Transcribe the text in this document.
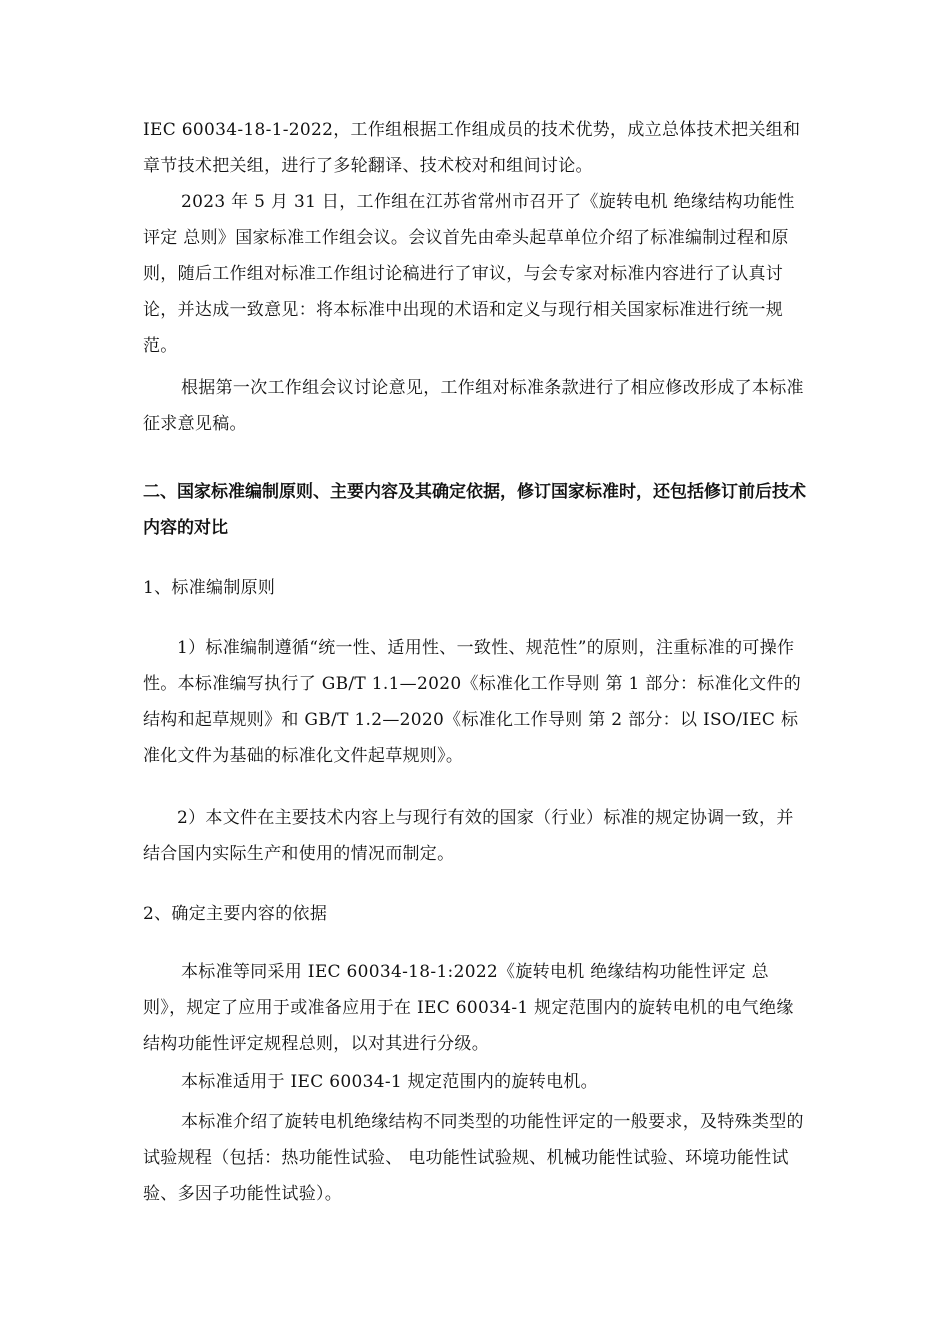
IEC 60034-18-1-2022，工作组根据工作组成员的技术优势，成立总体技术把关组和章节技术把关组，进行了多轮翻译、技术校对和组间讨论。

2023 年 5 月 31 日，工作组在江苏省常州市召开了《旋转电机 绝缘结构功能性评定 总则》国家标准工作组会议。会议首先由牵头起草单位介绍了标准编制过程和原则，随后工作组对标准工作组讨论稿进行了审议，与会专家对标准内容进行了认真讨论，并达成一致意见：将本标准中出现的术语和定义与现行相关国家标准进行统一规范。

根据第一次工作组会议讨论意见，工作组对标准条款进行了相应修改形成了本标准征求意见稿。

二、国家标准编制原则、主要内容及其确定依据，修订国家标准时，还包括修订前后技术内容的对比

1、标准编制原则

1）标准编制遵循“统一性、适用性、一致性、规范性”的原则，注重标准的可操作性。本标准编写执行了 GB/T 1.1—2020《标准化工作导则 第 1 部分：标准化文件的结构和起草规则》和 GB/T 1.2—2020《标准化工作导则 第 2 部分：以 ISO/IEC 标准化文件为基础的标准化文件起草规则》。

2）本文件在主要技术内容上与现行有效的国家（行业）标准的规定协调一致，并结合国内实际生产和使用的情况而制定。

2、确定主要内容的依据

本标准等同采用 IEC 60034-18-1:2022《旋转电机 绝缘结构功能性评定 总则》，规定了应用于或准备应用于在 IEC 60034-1 规定范围内的旋转电机的电气绝缘结构功能性评定规程总则，以对其进行分级。

本标准适用于 IEC 60034-1 规定范围内的旋转电机。

本标准介绍了旋转电机绝缘结构不同类型的功能性评定的一般要求，及特殊类型的试验规程（包括：热功能性试验、 电功能性试验规、机械功能性试验、环境功能性试验、多因子功能性试验）。
